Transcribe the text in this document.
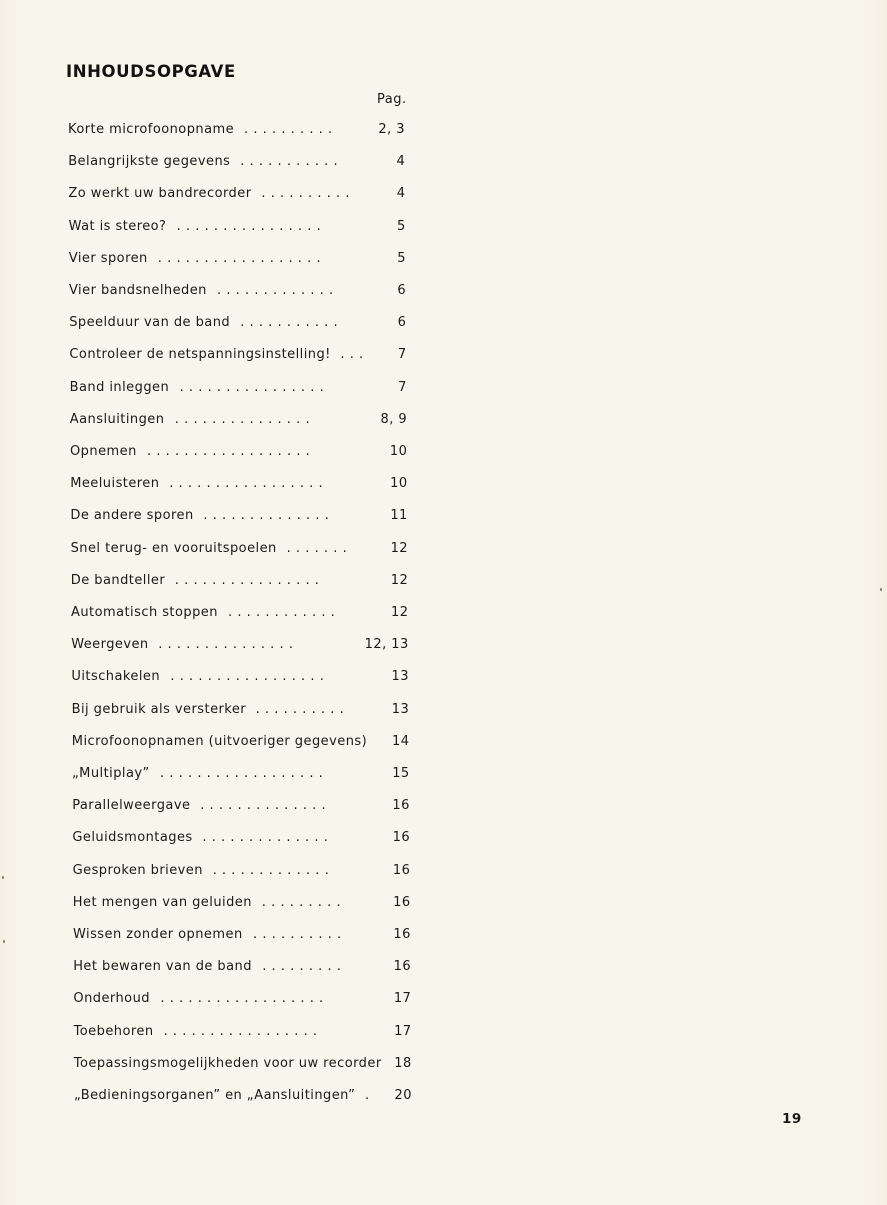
INHOUDSOPGAVE
Pag.
Korte microfoonopname ..........	2, 3
Belangrijkste gegevens ...........	4
Zo werkt uw bandrecorder ..........	4
Wat is stereo? ................	5
Vier sporen ..................	5
Vier bandsnelheden .............	6
Speelduur van de band ...........	6
Controleer de netspanningsinstelling! ...	7
Band inleggen ................	7
Aansluitingen ...............	8, 9
Opnemen ..................	10
Meeluisteren .................	10
De andere sporen ..............	11
Snel terug- en vooruitspoelen .......	12
De bandteller ................	12
Automatisch stoppen ............	12
Weergeven ...............	12, 13
Uitschakelen .................	13
Bij gebruik als versterker ..........	13
Microfoonopnamen (uitvoeriger gegevens) 14
„Multiplay” ..................	15
Parallelweergave ..............	16
Geluidsmontages ..............	16
Gesproken brieven .............	16
Het mengen van geluiden .........	16
Wissen zonder opnemen ..........	16
Het bewaren van de band .........	16
Onderhoud ..................	17
Toebehoren .................	17
Toepassingsmogelijkheden voor uw recorder 18
„Bedieningsorganen” en „Aansluitingen” .	20
19
